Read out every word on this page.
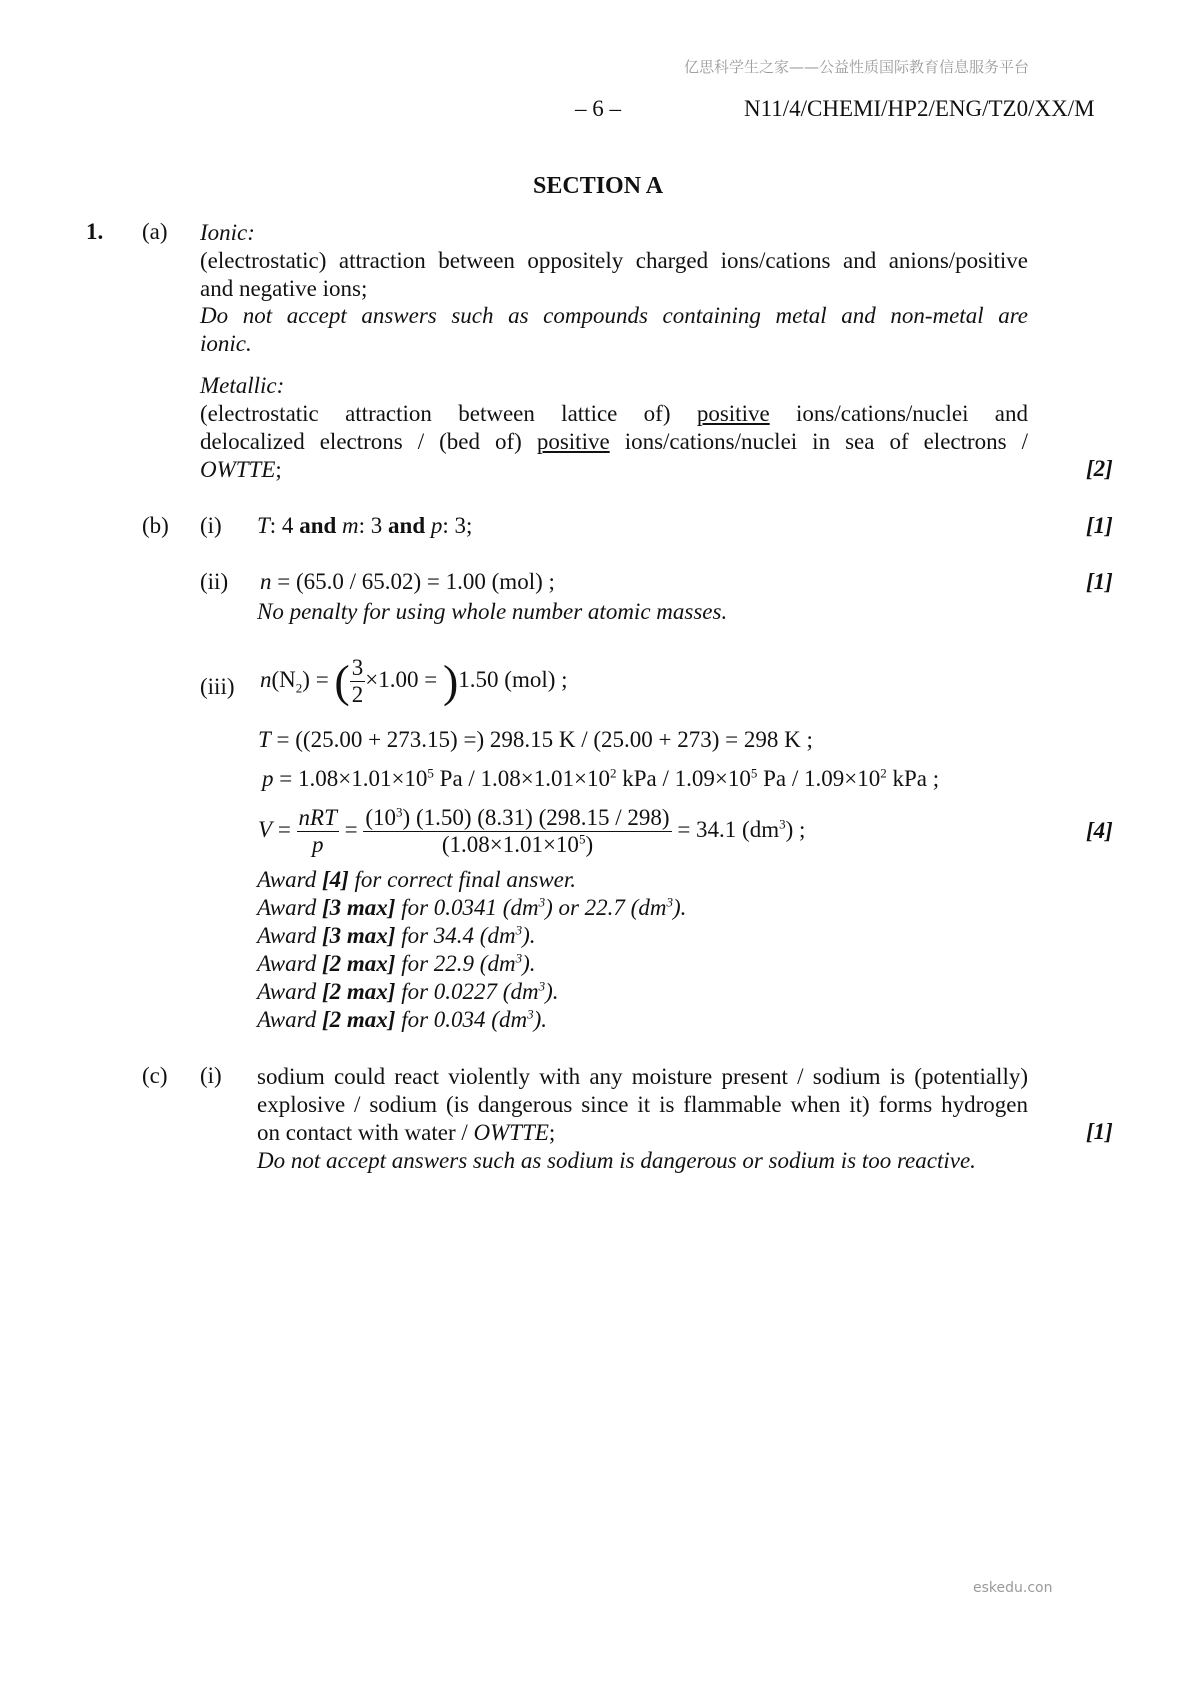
亿思科学生之家——公益性质国际教育信息服务平台
– 6 –	N11/4/CHEMI/HP2/ENG/TZ0/XX/M
SECTION A
1. (a) Ionic:
(electrostatic) attraction between oppositely charged ions/cations and anions/positive
and negative ions;
Do not accept answers such as compounds containing metal and non-metal are
ionic.
Metallic:
(electrostatic attraction between lattice of) positive ions/cations/nuclei and
delocalized electrons / (bed of) positive ions/cations/nuclei in sea of electrons /
OWTTE;	[2]
(b) (i) T: 4 and m: 3 and p: 3;	[1]
(ii) n = (65.0 / 65.02) = 1.00 (mol) ;	[1]
No penalty for using whole number atomic masses.
(iii) $n(N_2)$ = ( $\frac{3}{2} \times 1.00 = )1.50$ (mol) ;
T = ((25.00 + 273.15) =) 298.15 K / (25.00 + 273) = 298 K ;
$p = 1.08\times 1.01\times 10^5$ $Pa / 1.08\times 1.01\times 10^2$ kPa / $1.09\times 10^5$ $Pa / 1.09\times 10^2$ kPa ;
$V = \frac{\text{nRT}}{p} = \frac{(10^3) (1.50) (8.31) (298.15 / 298)}{(1.08\times 1.01\times 10^5)} = 34.1$ $(dm^3)$ ;	[4]
Award [4] for correct final answer.
Award [3 max] for 0.0341 $(dm^3)$ or 22.7 $(dm^3)$.
Award [3 max] for 34.4 $(dm^3)$.
Award [2 max] for 22.9 $(dm^3)$.
Award [2 max] for 0.0227 $(dm^3)$.
Award [2 max] for 0.034 $(dm^3)$.
(c) (i) sodium could react violently with any moisture present / sodium is (potentially)
explosive / sodium (is dangerous since it is flammable when it) forms hydrogen
on contact with water / OWTTE;	[1]
Do not accept answers such as sodium is dangerous or sodium is too reactive.
eskedu.con
